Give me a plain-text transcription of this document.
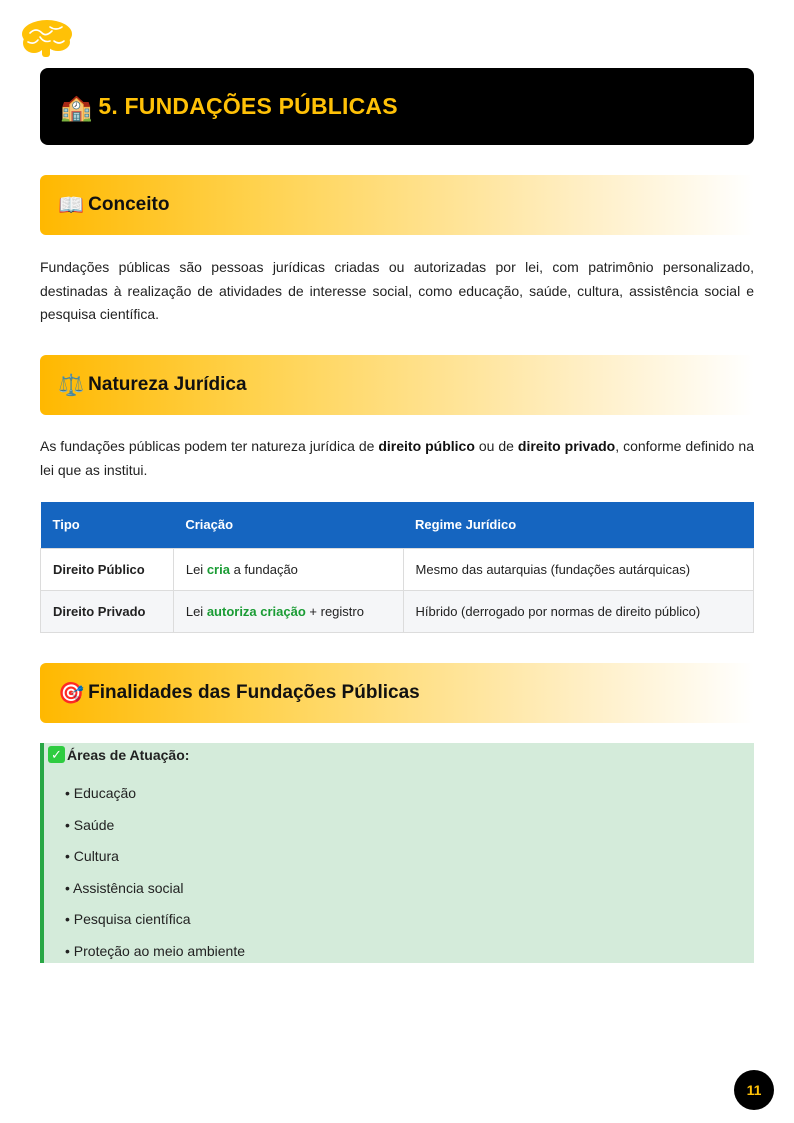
🏫 5. FUNDAÇÕES PÚBLICAS
📖 Conceito

Fundações públicas são pessoas jurídicas criadas ou autorizadas por lei, com patrimônio personalizado, destinadas à realização de atividades de interesse social, como educação, saúde, cultura, assistência social e pesquisa científica.

⚖️ Natureza Jurídica

As fundações públicas podem ter natureza jurídica de direito público ou de direito privado, conforme definido na lei que as institui.

Tipo	Criação	Regime Jurídico
Direito Público	Lei cria a fundação	Mesmo das autarquias (fundações autárquicas)
Direito Privado	Lei autoriza criação + registro	Híbrido (derrogado por normas de direito público)
🎯 Finalidades das Fundações Públicas
✓ Áreas de Atuação:
• Educação
• Saúde
• Cultura
• Assistência social
• Pesquisa científica
• Proteção ao meio ambiente
11
